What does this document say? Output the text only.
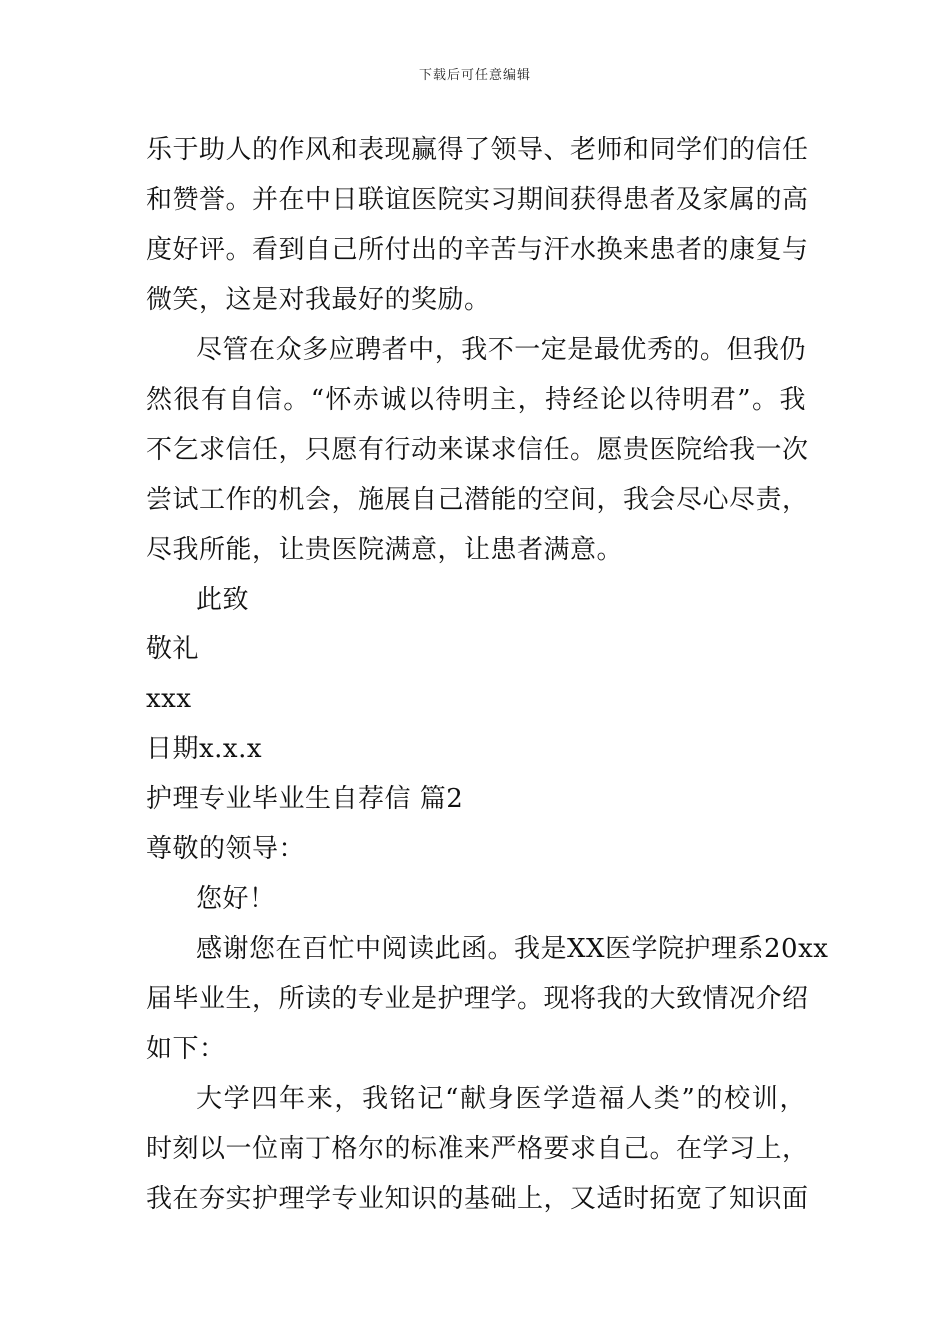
下载后可任意编辑
乐于助人的作风和表现赢得了领导、老师和同学们的信任
和赞誉。并在中日联谊医院实习期间获得患者及家属的高
度好评。看到自己所付出的辛苦与汗水换来患者的康复与
微笑，这是对我最好的奖励。
尽管在众多应聘者中，我不一定是最优秀的。但我仍
然很有自信。“怀赤诚以待明主，持经论以待明君”。我
不乞求信任，只愿有行动来谋求信任。愿贵医院给我一次
尝试工作的机会，施展自己潜能的空间，我会尽心尽责，
尽我所能，让贵医院满意，让患者满意。
此致
敬礼
xxx
日期x.x.x
护理专业毕业生自荐信 篇2
尊敬的领导：
您好！
感谢您在百忙中阅读此函。我是XX医学院护理系20xx
届毕业生，所读的专业是护理学。现将我的大致情况介绍
如下：
大学四年来，我铭记“献身医学造福人类”的校训，
时刻以一位南丁格尔的标准来严格要求自己。在学习上，
我在夯实护理学专业知识的基础上，又适时拓宽了知识面
